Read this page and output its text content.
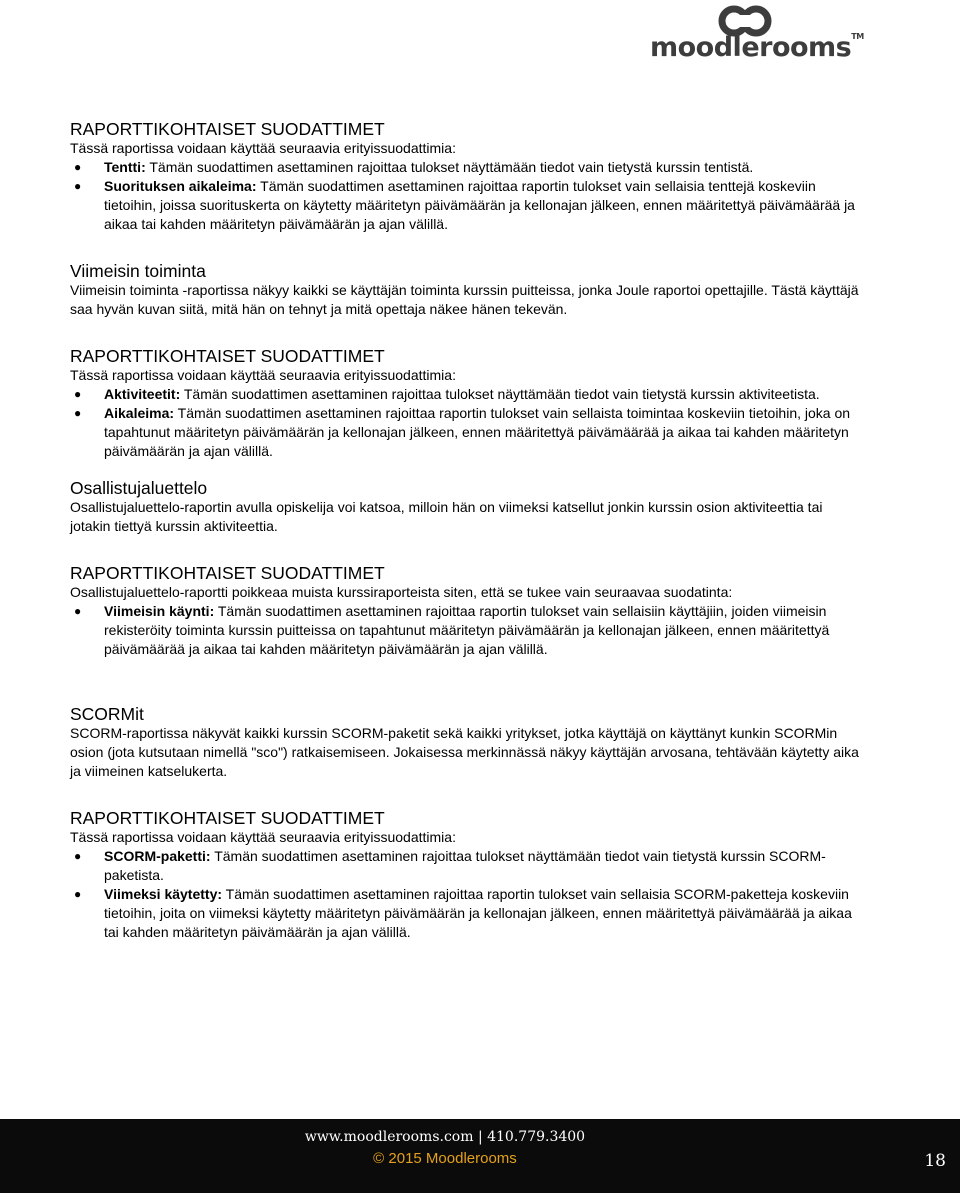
moodlerooms™
RAPORTTIKOHTAISET SUODATTIMET
Tässä raportissa voidaan käyttää seuraavia erityissuodattimia:
● Tentti: Tämän suodattimen asettaminen rajoittaa tulokset näyttämään tiedot vain tietystä kurssin tentistä.
● Suorituksen aikaleima: Tämän suodattimen asettaminen rajoittaa raportin tulokset vain sellaisia tenttejä koskeviin tietoihin, joissa suorituskerta on käytetty määritetyn päivämäärän ja kellonajan jälkeen, ennen määritettyä päivämäärää ja aikaa tai kahden määritetyn päivämäärän ja ajan välillä.
Viimeisin toiminta
Viimeisin toiminta -raportissa näkyy kaikki se käyttäjän toiminta kurssin puitteissa, jonka Joule raportoi opettajille. Tästä käyttäjä saa hyvän kuvan siitä, mitä hän on tehnyt ja mitä opettaja näkee hänen tekevän.
RAPORTTIKOHTAISET SUODATTIMET
Tässä raportissa voidaan käyttää seuraavia erityissuodattimia:
● Aktiviteetit: Tämän suodattimen asettaminen rajoittaa tulokset näyttämään tiedot vain tietystä kurssin aktiviteetista.
● Aikaleima: Tämän suodattimen asettaminen rajoittaa raportin tulokset vain sellaista toimintaa koskeviin tietoihin, joka on tapahtunut määritetyn päivämäärän ja kellonajan jälkeen, ennen määritettyä päivämäärää ja aikaa tai kahden määritetyn päivämäärän ja ajan välillä.
Osallistujaluettelo
Osallistujaluettelo-raportin avulla opiskelija voi katsoa, milloin hän on viimeksi katsellut jonkin kurssin osion aktiviteettia tai jotakin tiettyä kurssin aktiviteettia.
RAPORTTIKOHTAISET SUODATTIMET
Osallistujaluettelo-raportti poikkeaa muista kurssiraporteista siten, että se tukee vain seuraavaa suodatinta:
● Viimeisin käynti: Tämän suodattimen asettaminen rajoittaa raportin tulokset vain sellaisiin käyttäjiin, joiden viimeisin rekisteröity toiminta kurssin puitteissa on tapahtunut määritetyn päivämäärän ja kellonajan jälkeen, ennen määritettyä päivämäärää ja aikaa tai kahden määritetyn päivämäärän ja ajan välillä.
SCORMit
SCORM-raportissa näkyvät kaikki kurssin SCORM-paketit sekä kaikki yritykset, jotka käyttäjä on käyttänyt kunkin SCORMin osion (jota kutsutaan nimellä "sco") ratkaisemiseen. Jokaisessa merkinnässä näkyy käyttäjän arvosana, tehtävään käytetty aika ja viimeinen katselukerta.
RAPORTTIKOHTAISET SUODATTIMET
Tässä raportissa voidaan käyttää seuraavia erityissuodattimia:
● SCORM-paketti: Tämän suodattimen asettaminen rajoittaa tulokset näyttämään tiedot vain tietystä kurssin SCORM-paketista.
● Viimeksi käytetty: Tämän suodattimen asettaminen rajoittaa raportin tulokset vain sellaisia SCORM-paketteja koskeviin tietoihin, joita on viimeksi käytetty määritetyn päivämäärän ja kellonajan jälkeen, ennen määritettyä päivämäärää ja aikaa tai kahden määritetyn päivämäärän ja ajan välillä.
www.moodlerooms.com | 410.779.3400
© 2015 Moodlerooms	18
